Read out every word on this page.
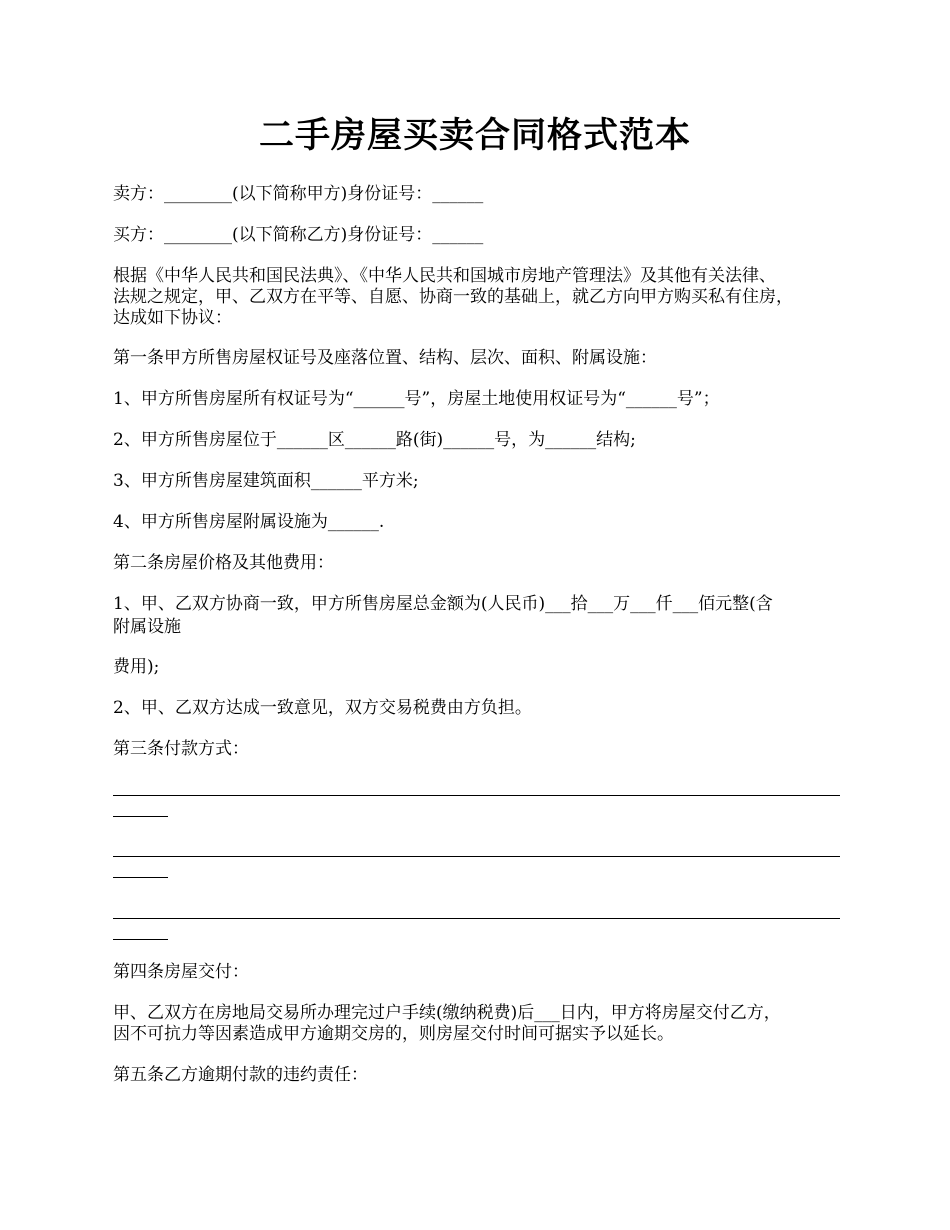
二手房屋买卖合同格式范本
卖方：________(以下简称甲方)身份证号：______
买方：________(以下简称乙方)身份证号：______
根据《中华人民共和国民法典》、《中华人民共和国城市房地产管理法》及其他有关法律、
法规之规定，甲、乙双方在平等、自愿、协商一致的基础上，就乙方向甲方购买私有住房，
达成如下协议：
第一条甲方所售房屋权证号及座落位置、结构、层次、面积、附属设施：
1、甲方所售房屋所有权证号为“______号”，房屋土地使用权证号为“______号”；
2、甲方所售房屋位于______区______路(街)______号，为______结构;
3、甲方所售房屋建筑面积______平方米;
4、甲方所售房屋附属设施为______.
第二条房屋价格及其他费用：
1、甲、乙双方协商一致，甲方所售房屋总金额为(人民币)___拾___万___仟___佰元整(含
附属设施
费用);
2、甲、乙双方达成一致意见，双方交易税费由方负担。
第三条付款方式：
第四条房屋交付：
甲、乙双方在房地局交易所办理完过户手续(缴纳税费)后___日内，甲方将房屋交付乙方，
因不可抗力等因素造成甲方逾期交房的，则房屋交付时间可据实予以延长。
第五条乙方逾期付款的违约责任：
